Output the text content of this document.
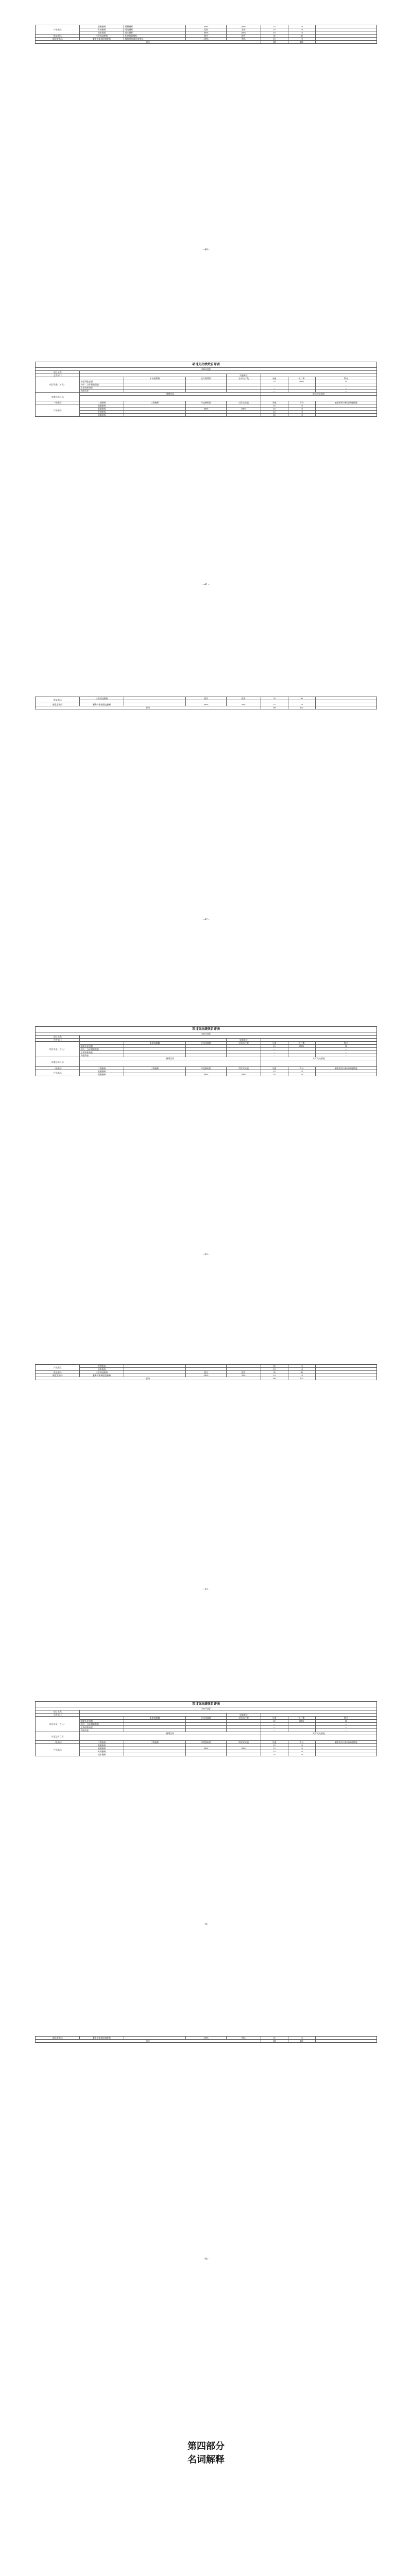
产出指标	质量指标	质量指标	100%	100%	10	10	
	时效指标	时效指标	及时	及时	10	10	
	成本指标	成本指标	100%	100%	10	10	
效益指标	社会效益指标	社会效益指标	提升	提升	30	30	
满意度指标	服务对象满意度指标	服务对象满意度指标	≥90%	95%	10	10	
总分					100	100	
- 40 -
项目支出绩效自评表							
（2021年度）							
项目名称							
主管部门				实施单位			
项目资金（万元）		年初预算数	全年预算数	全年执行数	分值	执行率	得分
	年度资金总额				10	100%	10
	其中：当年财政拨款				—		—
	上年结转资金				—		—
	其他资金				—		—
年度总体目标	预期目标				实际完成情况		

一级指标	二级指标	三级指标	年度指标值	实际完成值	分值	得分	偏差原因分析及改进措施
产出指标	数量指标				10	10	
	质量指标		100%	100%	10	10	
	时效指标				10	10	
	成本指标				10	10	
- 41 -
效益指标	社会效益指标		提升	提升	30	30	

满意度指标	服务对象满意度指标		≥90%	95%	10	10	
总分					100	100	
- 42 -
项目支出绩效自评表							
（2021年度）							
项目名称							
主管部门				实施单位			
项目资金（万元）		年初预算数	全年预算数	全年执行数	分值	执行率	得分
	年度资金总额				10	100%	10
	其中：当年财政拨款				—		—
	上年结转资金				—		—
	其他资金				—		—
年度总体目标	预期目标				实际完成情况		

一级指标	二级指标	三级指标	年度指标值	实际完成值	分值	得分	偏差原因分析及改进措施
产出指标	数量指标				10	10	
	质量指标		100%	100%	10	10	
- 43 -
产出指标	时效指标				10	10	
	成本指标				10	10	
效益指标	社会效益指标		提升	提升	30	30	
满意度指标	服务对象满意度指标		≥90%	95%	10	10	
总分					100	100	
- 44 -
项目支出绩效自评表							
（2021年度）							
项目名称							
主管部门				实施单位			
项目资金（万元）		年初预算数	全年预算数	全年执行数	分值	执行率	得分
	年度资金总额				10	100%	10
	其中：当年财政拨款				—		—
	上年结转资金				—		—
	其他资金				—		—
年度总体目标	预期目标				实际完成情况		

一级指标	二级指标	三级指标	年度指标值	实际完成值	分值	得分	偏差原因分析及改进措施
产出指标	数量指标				10	10	
	质量指标		100%	100%	10	10	
	时效指标				10	10	
	成本指标				10	10	
- 45 -
满意度指标	服务对象满意度指标		≥90%	95%	10	10	
总分					100	100	
- 46 -
第四部分
名词解释
